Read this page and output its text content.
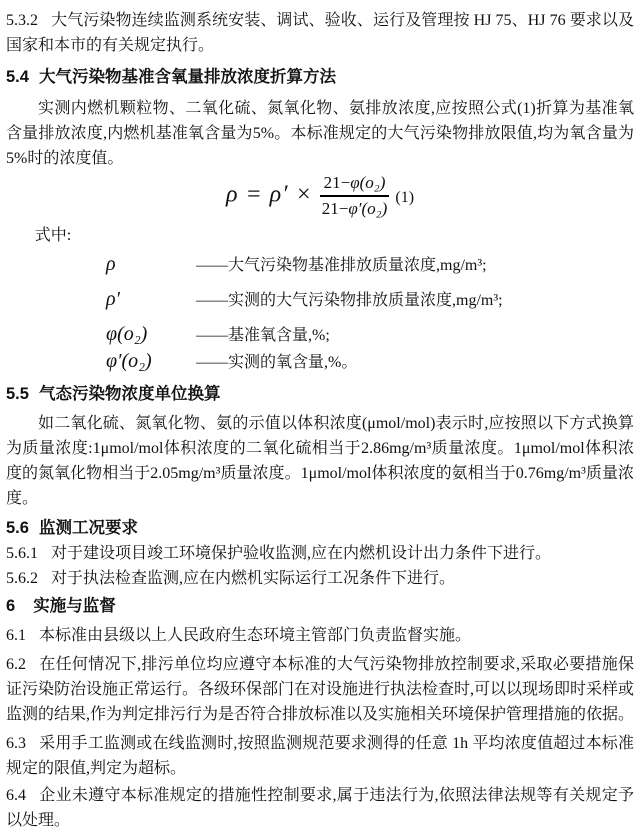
5.3.2 大气污染物连续监测系统安装、调试、验收、运行及管理按 HJ 75、HJ 76 要求以及国家和本市的有关规定执行。

5.4 大气污染物基准含氧量排放浓度折算方法

实测内燃机颗粒物、二氧化硫、氮氧化物、氨排放浓度,应按照公式(1)折算为基准氧含量排放浓度,内燃机基准氧含量为5%。本标准规定的大气污染物排放限值,均为氧含量为5%时的浓度值。

$\rho = \rho' \times \frac{\text{21−φ(o₂)}}{\text{21−φ′(o₂)}} (1)$

式中:

ρ	——大气污染物基准排放质量浓度,mg/m³;
ρ′	——实测的大气污染物排放质量浓度,mg/m³;
φ(o₂)	——基准氧含量,%;
φ′(o₂)	——实测的氧含量,%。
5.5 气态污染物浓度单位换算

如二氧化硫、氮氧化物、氨的示值以体积浓度(μmol/mol)表示时,应按照以下方式换算为质量浓度:1μmol/mol体积浓度的二氧化硫相当于2.86mg/m³质量浓度。1μmol/mol体积浓度的氮氧化物相当于2.05mg/m³质量浓度。1μmol/mol体积浓度的氨相当于0.76mg/m³质量浓度。

5.6 监测工况要求

5.6.1 对于建设项目竣工环境保护验收监测,应在内燃机设计出力条件下进行。

5.6.2 对于执法检查监测,应在内燃机实际运行工况条件下进行。

6 实施与监督

6.1 本标准由县级以上人民政府生态环境主管部门负责监督实施。

6.2 在任何情况下,排污单位均应遵守本标准的大气污染物排放控制要求,采取必要措施保证污染防治设施正常运行。各级环保部门在对设施进行执法检查时,可以以现场即时采样或监测的结果,作为判定排污行为是否符合排放标准以及实施相关环境保护管理措施的依据。

6.3 采用手工监测或在线监测时,按照监测规范要求测得的任意 1h 平均浓度值超过本标准规定的限值,判定为超标。

6.4 企业未遵守本标准规定的措施性控制要求,属于违法行为,依照法律法规等有关规定予以处理。
